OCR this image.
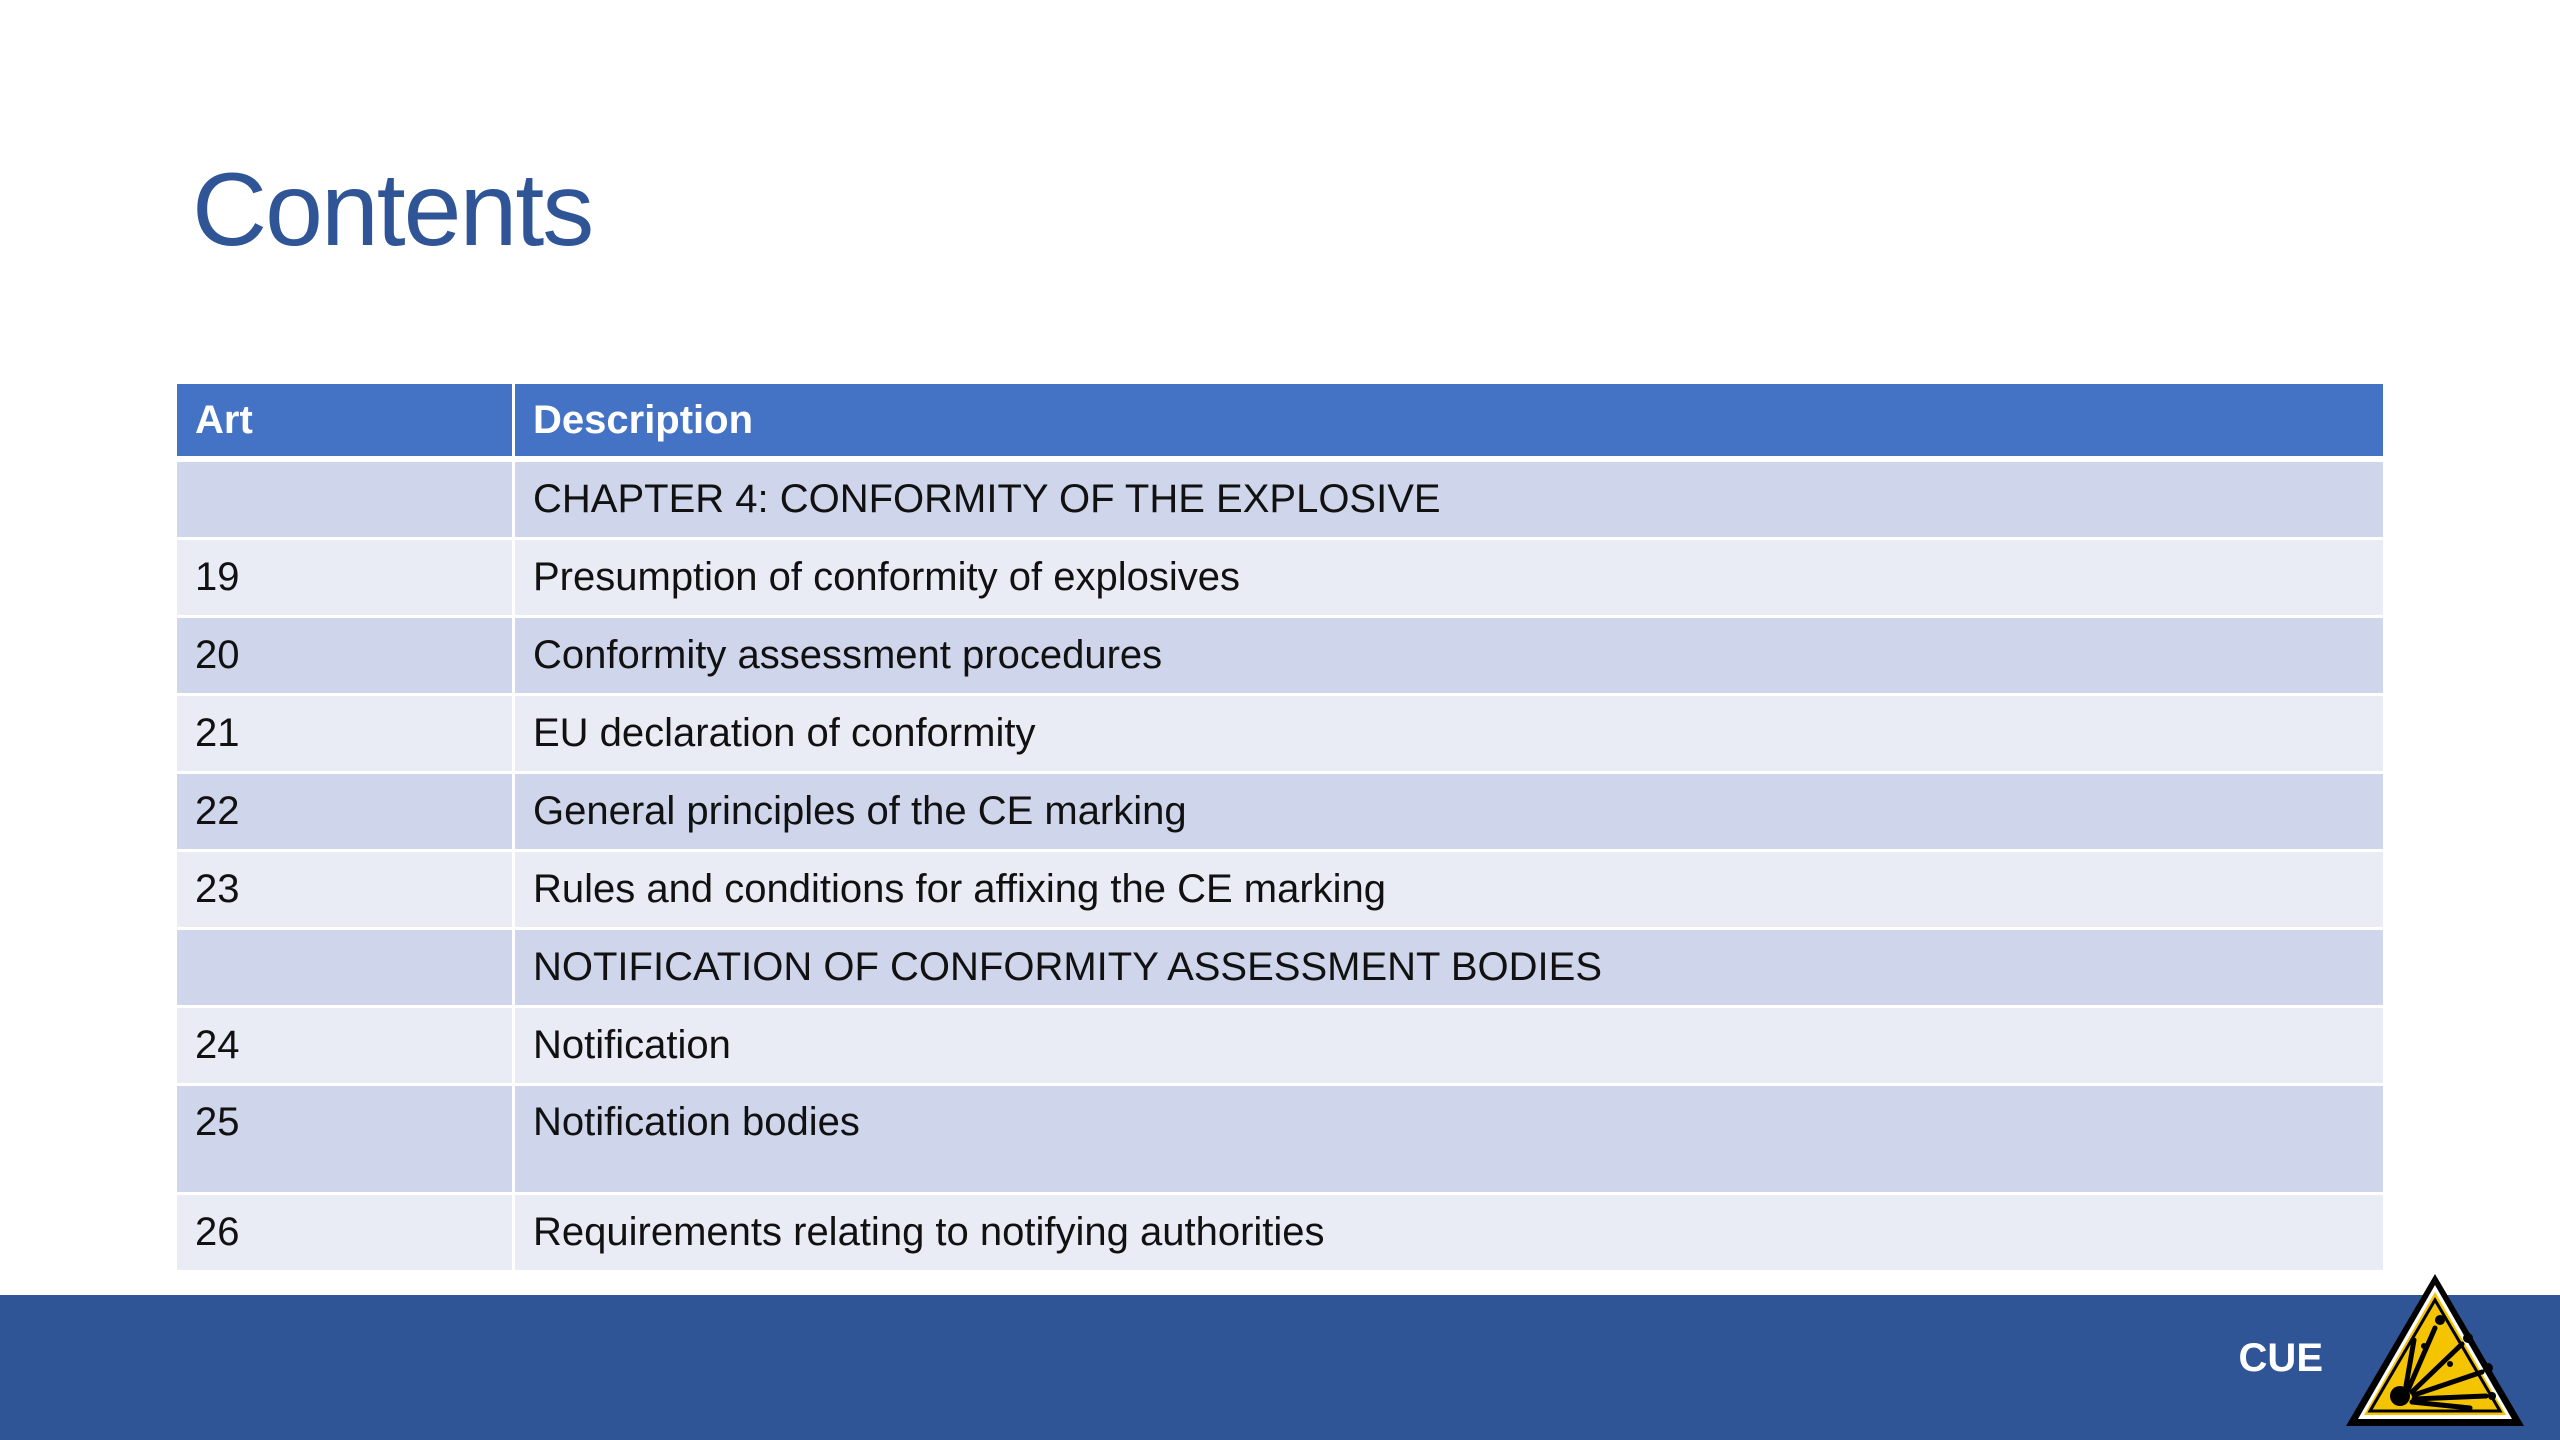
Contents
Art	Description
	CHAPTER 4: CONFORMITY OF THE EXPLOSIVE
19	Presumption of conformity of explosives
20	Conformity assessment procedures
21	EU declaration of conformity
22	General principles of the CE marking
23	Rules and conditions for affixing the CE marking
	NOTIFICATION OF CONFORMITY ASSESSMENT BODIES
24	Notification
25	Notification bodies
26	Requirements relating to notifying authorities
CUE
